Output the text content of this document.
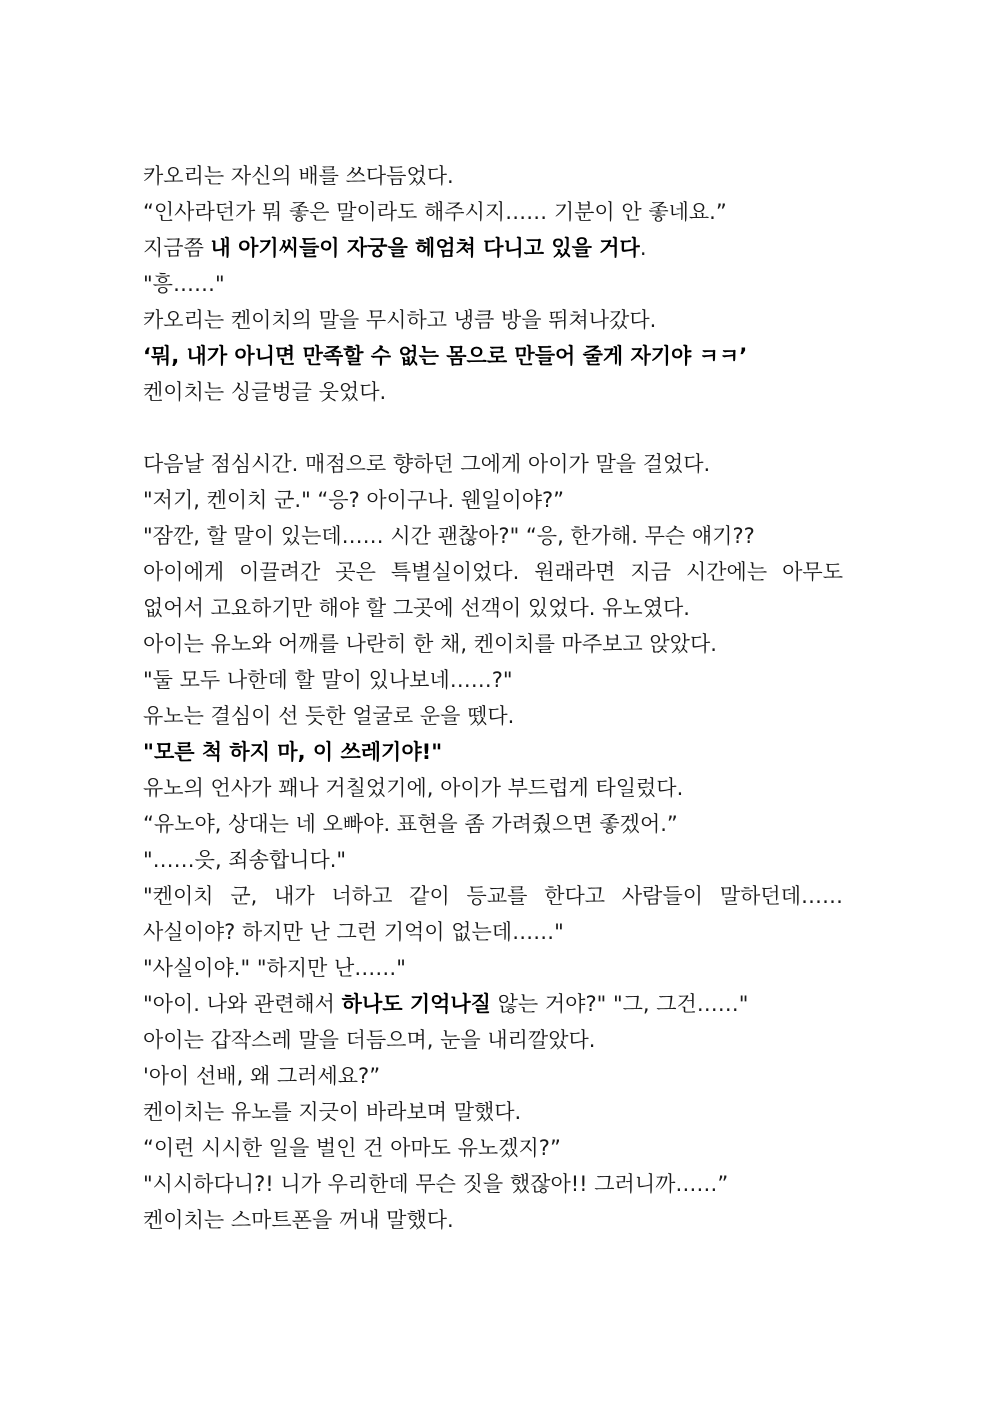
카오리는 자신의 배를 쓰다듬었다.
“인사라던가 뭐 좋은 말이라도 해주시지…… 기분이 안 좋네요.”
지금쯤 내 아기씨들이 자궁을 헤엄쳐 다니고 있을 거다.
"흥……"
카오리는 켄이치의 말을 무시하고 냉큼 방을 뛰쳐나갔다.
‘뭐, 내가 아니면 만족할 수 없는 몸으로 만들어 줄게 자기야 ㅋㅋ’
켄이치는 싱글벙글 웃었다.
다음날 점심시간. 매점으로 향하던 그에게 아이가 말을 걸었다.
"저기, 켄이치 군." “응? 아이구나. 웬일이야?”
"잠깐, 할 말이 있는데…… 시간 괜찮아?" “응, 한가해. 무슨 얘기??
아이에게 이끌려간 곳은 특별실이었다. 원래라면 지금 시간에는 아무도
없어서 고요하기만 해야 할 그곳에 선객이 있었다. 유노였다.
아이는 유노와 어깨를 나란히 한 채, 켄이치를 마주보고 앉았다.
"둘 모두 나한데 할 말이 있나보네……?"
유노는 결심이 선 듯한 얼굴로 운을 뗐다.
"모른 척 하지 마, 이 쓰레기야!"
유노의 언사가 꽤나 거칠었기에, 아이가 부드럽게 타일렀다.
“유노야, 상대는 네 오빠야. 표현을 좀 가려줬으면 좋겠어.”
"……읏, 죄송합니다."
"켄이치 군, 내가 너하고 같이 등교를 한다고 사람들이 말하던데……
사실이야? 하지만 난 그런 기억이 없는데……"
"사실이야." "하지만 난……"
"아이. 나와 관련해서 하나도 기억나질 않는 거야?" "그, 그건……"
아이는 갑작스레 말을 더듬으며, 눈을 내리깔았다.
'아이 선배, 왜 그러세요?”
켄이치는 유노를 지긋이 바라보며 말했다.
“이런 시시한 일을 벌인 건 아마도 유노겠지?”
"시시하다니?! 니가 우리한데 무슨 짓을 했잖아!! 그러니까……”
켄이치는 스마트폰을 꺼내 말했다.
